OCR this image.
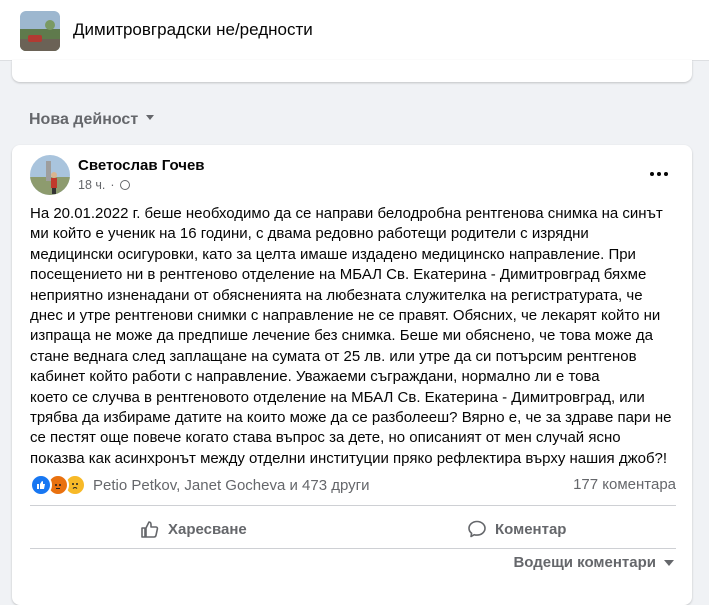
Димитровградски не/редности
Нова дейност
Светослав Гочев
18 ч. ·
На 20.01.2022 г. беше необходимо да се направи белодробна рентгенова снимка на синът
ми който е ученик на 16 години, с двама редовно работещи родители с изрядни
медицински осигуровки, като за целта имаше издадено медицинско направление. При
посещението ни в рентгеново отделение на МБАЛ Св. Екатерина - Димитровград бяхме
неприятно изненадани от обясненията на любезната служителка на регистратурата, че
днес и утре рентгенови снимки с направление не се правят. Обясних, че лекарят който ни
изпраща не може да предпише лечение без снимка. Беше ми обяснено, че това може да
стане веднага след заплащане на сумата от 25 лв. или утре да си потърсим рентгенов
кабинет който работи с направление. Уважаеми съграждани, нормално ли е това
което се случва в рентгеновото отделение на МБАЛ Св. Екатерина - Димитровград, или
трябва да избираме датите на които може да се разболееш? Вярно е, че за здраве пари не
се пестят още повече когато става въпрос за дете, но описаният от мен случай ясно
показва как асинхронът между отделни институции пряко рефлектира върху нашия джоб?!
Petio Petkov, Janet Gocheva и 473 други	177 коментара
Харесване	Коментар
Водещи коментари
